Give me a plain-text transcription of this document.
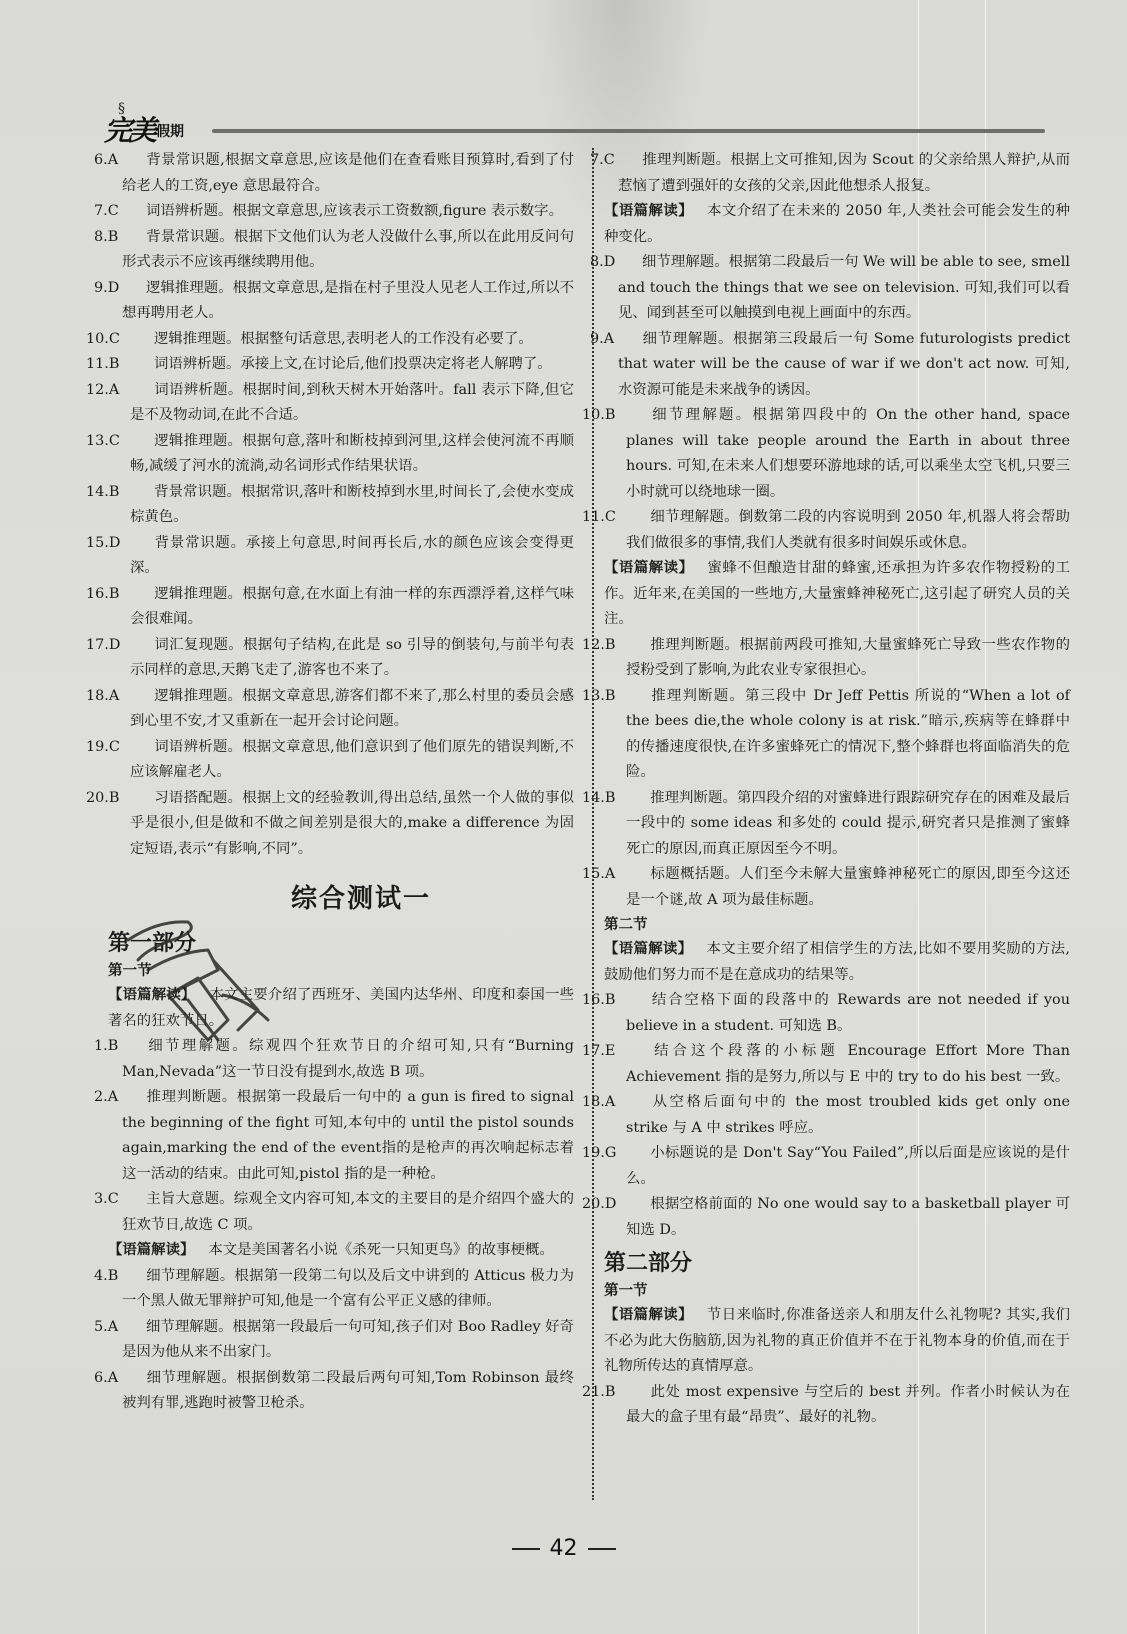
§
完美 假期
6.A 背景常识题,根据文章意思,应该是他们在查看账目预算时,看到了付给老人的工资,eye 意思最符合。
7.C 词语辨析题。根据文章意思,应该表示工资数额,figure 表示数字。
8.B 背景常识题。根据下文他们认为老人没做什么事,所以在此用反问句形式表示不应该再继续聘用他。
9.D 逻辑推理题。根据文章意思,是指在村子里没人见老人工作过,所以不想再聘用老人。
10.C 逻辑推理题。根据整句话意思,表明老人的工作没有必要了。
11.B 词语辨析题。承接上文,在讨论后,他们投票决定将老人解聘了。
12.A 词语辨析题。根据时间,到秋天树木开始落叶。fall 表示下降,但它是不及物动词,在此不合适。
13.C 逻辑推理题。根据句意,落叶和断枝掉到河里,这样会使河流不再顺畅,减缓了河水的流淌,动名词形式作结果状语。
14.B 背景常识题。根据常识,落叶和断枝掉到水里,时间长了,会使水变成棕黄色。
15.D 背景常识题。承接上句意思,时间再长后,水的颜色应该会变得更深。
16.B 逻辑推理题。根据句意,在水面上有油一样的东西漂浮着,这样气味会很难闻。
17.D 词汇复现题。根据句子结构,在此是 so 引导的倒装句,与前半句表示同样的意思,天鹅飞走了,游客也不来了。
18.A 逻辑推理题。根据文章意思,游客们都不来了,那么村里的委员会感到心里不安,才又重新在一起开会讨论问题。
19.C 词语辨析题。根据文章意思,他们意识到了他们原先的错误判断,不应该解雇老人。
20.B 习语搭配题。根据上文的经验教训,得出总结,虽然一个人做的事似乎是很小,但是做和不做之间差别是很大的,make a difference 为固定短语,表示“有影响,不同”。
综合测试一
第一部分
第一节
【语篇解读】 本文主要介绍了西班牙、美国内达华州、印度和泰国一些著名的狂欢节日。
1.B 细节理解题。综观四个狂欢节日的介绍可知,只有“Burning Man,Nevada”这一节日没有提到水,故选 B 项。
2.A 推理判断题。根据第一段最后一句中的 a gun is fired to signal the beginning of the fight 可知,本句中的 until the pistol sounds again,marking the end of the event指的是枪声的再次响起标志着这一活动的结束。由此可知,pistol 指的是一种枪。
3.C 主旨大意题。综观全文内容可知,本文的主要目的是介绍四个盛大的狂欢节日,故选 C 项。
【语篇解读】 本文是美国著名小说《杀死一只知更鸟》的故事梗概。
4.B 细节理解题。根据第一段第二句以及后文中讲到的 Atticus 极力为一个黑人做无罪辩护可知,他是一个富有公平正义感的律师。
5.A 细节理解题。根据第一段最后一句可知,孩子们对 Boo Radley 好奇是因为他从来不出家门。
6.A 细节理解题。根据倒数第二段最后两句可知,Tom Robinson 最终被判有罪,逃跑时被警卫枪杀。
7.C 推理判断题。根据上文可推知,因为 Scout 的父亲给黑人辩护,从而惹恼了遭到强奸的女孩的父亲,因此他想杀人报复。
【语篇解读】 本文介绍了在未来的 2050 年,人类社会可能会发生的种种变化。
8.D 细节理解题。根据第二段最后一句 We will be able to see, smell and touch the things that we see on television. 可知,我们可以看见、闻到甚至可以触摸到电视上画面中的东西。
9.A 细节理解题。根据第三段最后一句 Some futurologists predict that water will be the cause of war if we don't act now. 可知,水资源可能是未来战争的诱因。
10.B 细节理解题。根据第四段中的 On the other hand, space planes will take people around the Earth in about three hours. 可知,在未来人们想要环游地球的话,可以乘坐太空飞机,只要三小时就可以绕地球一圈。
11.C 细节理解题。倒数第二段的内容说明到 2050 年,机器人将会帮助我们做很多的事情,我们人类就有很多时间娱乐或休息。
【语篇解读】 蜜蜂不但酿造甘甜的蜂蜜,还承担为许多农作物授粉的工作。近年来,在美国的一些地方,大量蜜蜂神秘死亡,这引起了研究人员的关注。
12.B 推理判断题。根据前两段可推知,大量蜜蜂死亡导致一些农作物的授粉受到了影响,为此农业专家很担心。
13.B 推理判断题。第三段中 Dr Jeff Pettis 所说的“When a lot of the bees die,the whole colony is at risk.”暗示,疾病等在蜂群中的传播速度很快,在许多蜜蜂死亡的情况下,整个蜂群也将面临消失的危险。
14.B 推理判断题。第四段介绍的对蜜蜂进行跟踪研究存在的困难及最后一段中的 some ideas 和多处的 could 提示,研究者只是推测了蜜蜂死亡的原因,而真正原因至今不明。
15.A 标题概括题。人们至今未解大量蜜蜂神秘死亡的原因,即至今这还是一个谜,故 A 项为最佳标题。
第二节
【语篇解读】 本文主要介绍了相信学生的方法,比如不要用奖励的方法,鼓励他们努力而不是在意成功的结果等。
16.B 结合空格下面的段落中的 Rewards are not needed if you believe in a student. 可知选 B。
17.E 结合这个段落的小标题 Encourage Effort More Than Achievement 指的是努力,所以与 E 中的 try to do his best 一致。
18.A 从空格后面句中的 the most troubled kids get only one strike 与 A 中 strikes 呼应。
19.G 小标题说的是 Don't Say“You Failed”,所以后面是应该说的是什么。
20.D 根据空格前面的 No one would say to a basketball player 可知选 D。
第二部分
第一节
【语篇解读】 节日来临时,你准备送亲人和朋友什么礼物呢? 其实,我们不必为此大伤脑筋,因为礼物的真正价值并不在于礼物本身的价值,而在于礼物所传达的真情厚意。
21.B 此处 most expensive 与空后的 best 并列。作者小时候认为在最大的盒子里有最“昂贵”、最好的礼物。
42
